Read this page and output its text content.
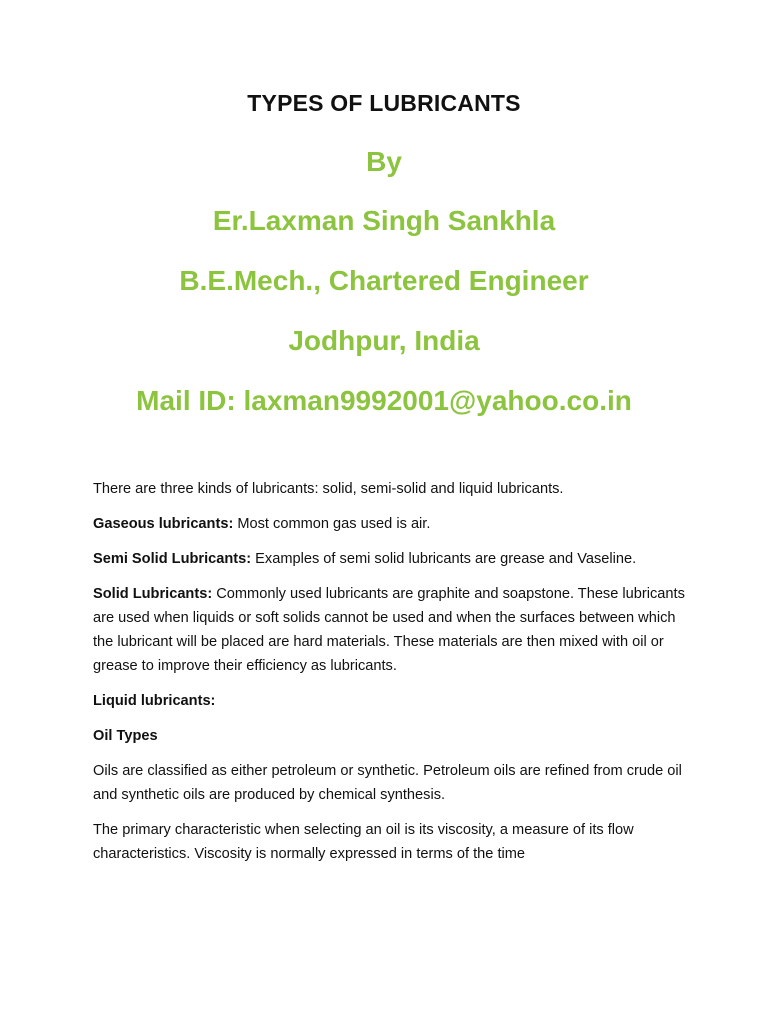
TYPES OF LUBRICANTS
By
Er.Laxman Singh Sankhla
B.E.Mech., Chartered Engineer
Jodhpur, India
Mail ID: laxman9992001@yahoo.co.in

There are three kinds of lubricants: solid, semi-solid and liquid lubricants.

Gaseous lubricants: Most common gas used is air.

Semi Solid Lubricants: Examples of semi solid lubricants are grease and Vaseline.

Solid Lubricants: Commonly used lubricants are graphite and soapstone. These lubricants are used when liquids or soft solids cannot be used and when the surfaces between which the lubricant will be placed are hard materials. These materials are then mixed with oil or grease to improve their efficiency as lubricants.

Liquid lubricants:

Oil Types

Oils are classified as either petroleum or synthetic. Petroleum oils are refined from crude oil and synthetic oils are produced by chemical synthesis.

The primary characteristic when selecting an oil is its viscosity, a measure of its flow characteristics. Viscosity is normally expressed in terms of the time
